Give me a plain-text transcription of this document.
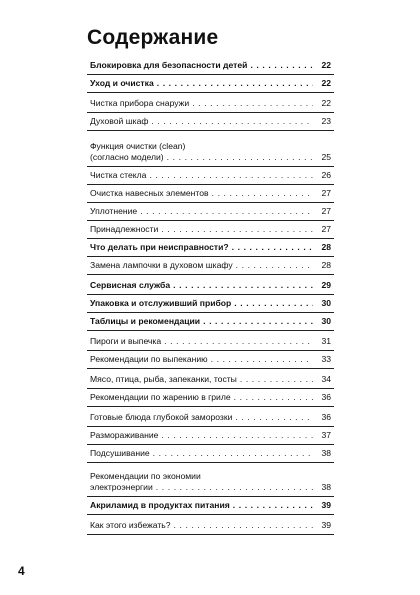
Содержание
Блокировка для безопасности детей . . .	22
Уход и очистка . . .	22
Чистка прибора снаружи . . .	22
Духовой шкаф . . .	23
Функция очистки (clean)
(согласно модели) . . .	25
Чистка стекла . . .	26
Очистка навесных элементов . . .	27
Уплотнение . . .	27
Принадлежности . . .	27
Что делать при неисправности? . . .	28
Замена лампочки в духовом шкафу . . .	28
Сервисная служба . . .	29
Упаковка и отслуживший прибор . . .	30
Таблицы и рекомендации . . .	30
Пироги и выпечка . . .	31
Рекомендации по выпеканию . . .	33
Мясо, птица, рыба, запеканки, тосты . . .	34
Рекомендации по жарению в гриле . . .	36
Готовые блюда глубокой заморозки . . .	36
Размораживание . . .	37
Подсушивание . . .	38
Рекомендации по экономии
электроэнергии . . .	38
Акриламид в продуктах питания . . .	39
Как этого избежать? . . .	39
4
